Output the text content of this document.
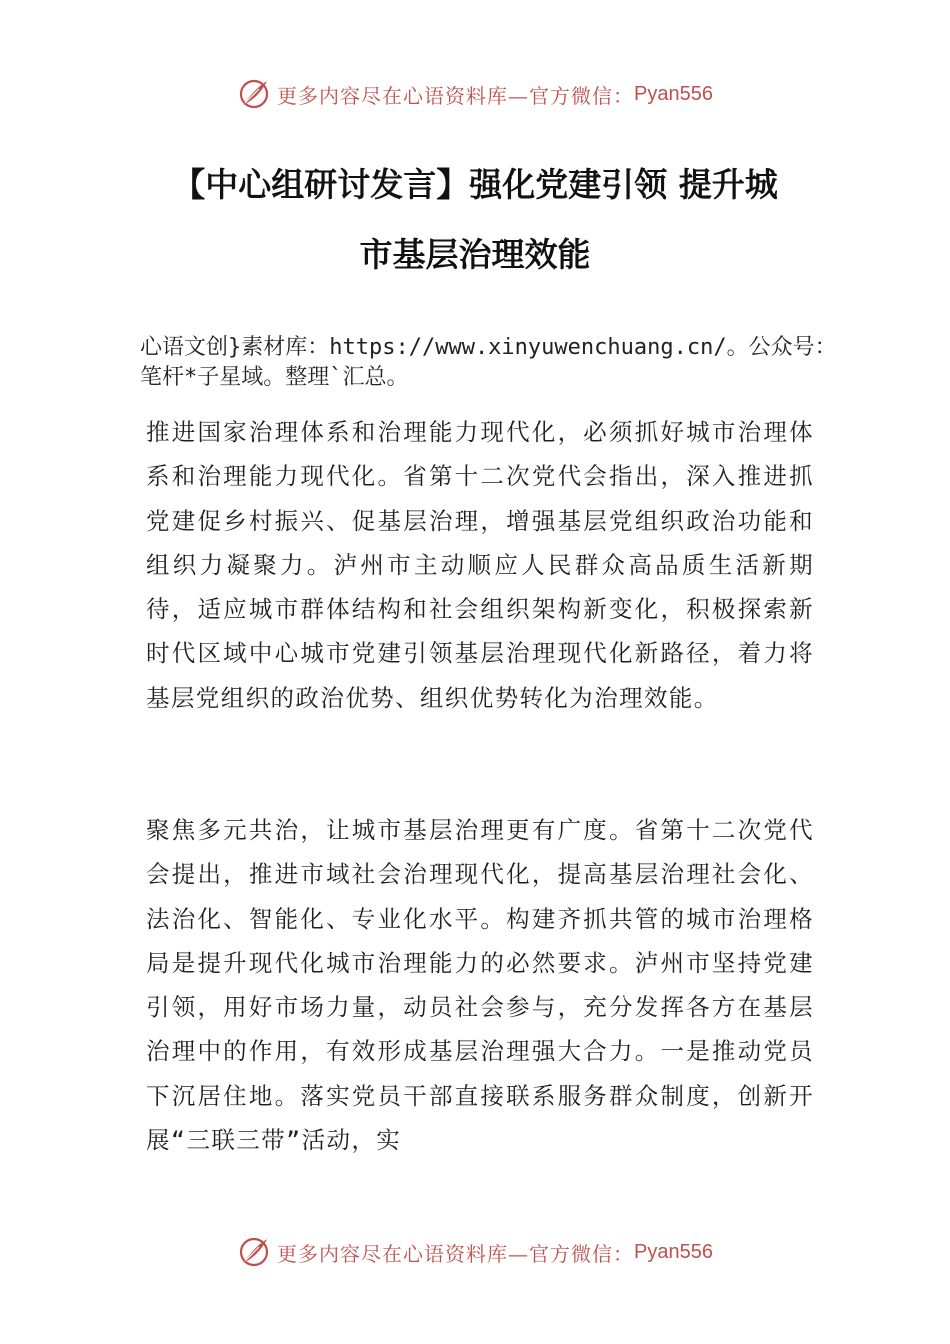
更多内容尽在心语资料库—官方微信： Pyan556
【中心组研讨发言】强化党建引领 提升城
市基层治理效能
心语文创}素材库：https://www.xinyuwenchuang.cn/。公众号：笔杆*子星域。整理`汇总。
推进国家治理体系和治理能力现代化，必须抓好城市治理体系和治理能力现代化。省第十二次党代会指出，深入推进抓党建促乡村振兴、促基层治理，增强基层党组织政治功能和组织力凝聚力。泸州市主动顺应人民群众高品质生活新期待，适应城市群体结构和社会组织架构新变化，积极探索新时代区域中心城市党建引领基层治理现代化新路径，着力将基层党组织的政治优势、组织优势转化为治理效能。
聚焦多元共治，让城市基层治理更有广度。省第十二次党代会提出，推进市域社会治理现代化，提高基层治理社会化、法治化、智能化、专业化水平。构建齐抓共管的城市治理格局是提升现代化城市治理能力的必然要求。泸州市坚持党建引领，用好市场力量，动员社会参与，充分发挥各方在基层治理中的作用，有效形成基层治理强大合力。一是推动党员下沉居住地。落实党员干部直接联系服务群众制度，创新开展“三联三带”活动，实
更多内容尽在心语资料库—官方微信： Pyan556
